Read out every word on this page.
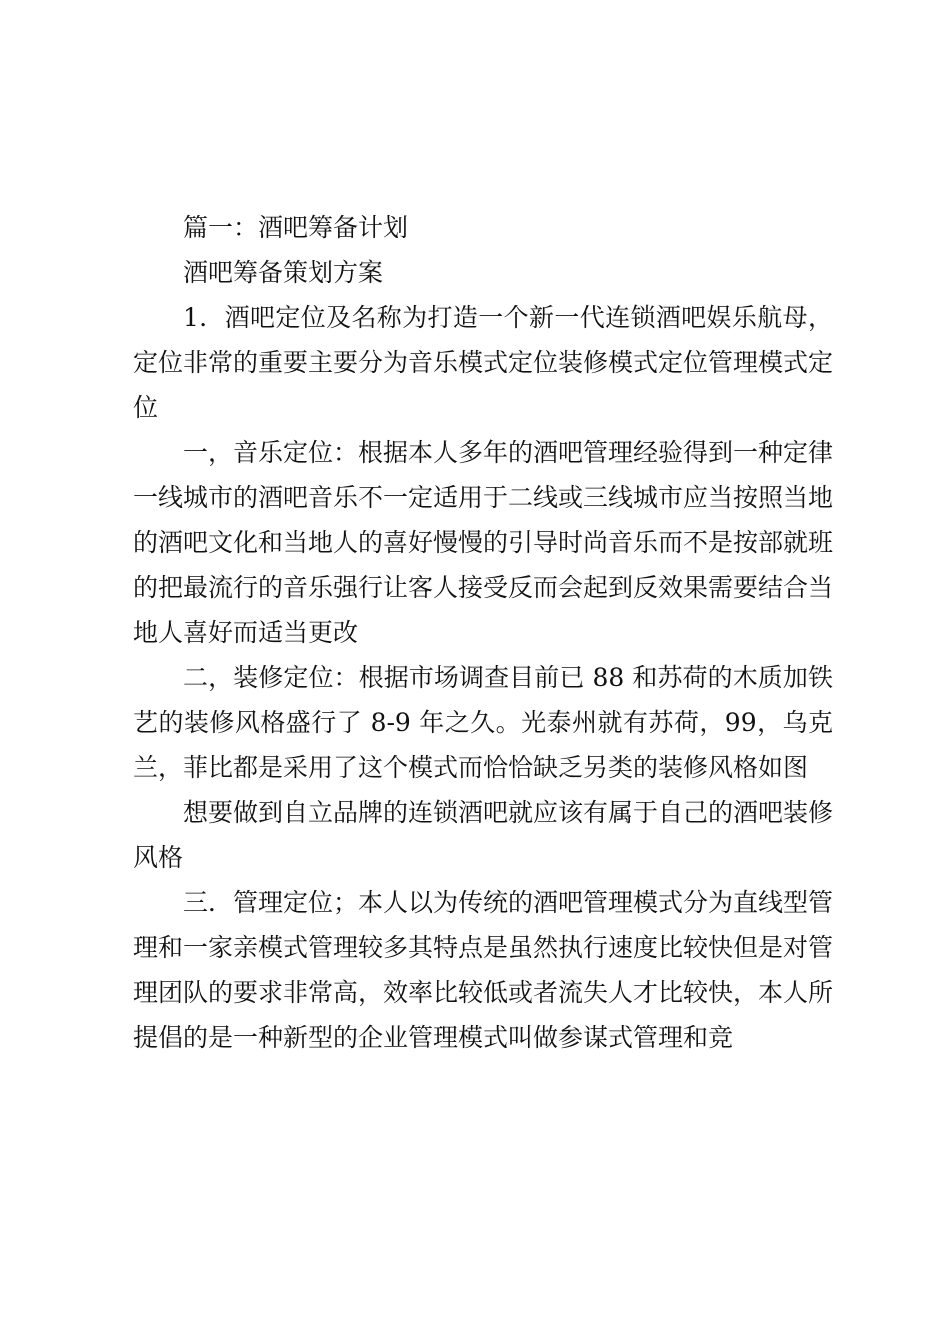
篇一：酒吧筹备计划

酒吧筹备策划方案

1．酒吧定位及名称为打造一个新一代连锁酒吧娱乐航母，定位非常的重要主要分为音乐模式定位装修模式定位管理模式定位

一，音乐定位：根据本人多年的酒吧管理经验得到一种定律一线城市的酒吧音乐不一定适用于二线或三线城市应当按照当地的酒吧文化和当地人的喜好慢慢的引导时尚音乐而不是按部就班的把最流行的音乐强行让客人接受反而会起到反效果需要结合当地人喜好而适当更改

二，装修定位：根据市场调查目前已 88 和苏荷的木质加铁艺的装修风格盛行了 8-9 年之久。光泰州就有苏荷，99，乌克兰，菲比都是采用了这个模式而恰恰缺乏另类的装修风格如图

想要做到自立品牌的连锁酒吧就应该有属于自己的酒吧装修风格

三．管理定位；本人以为传统的酒吧管理模式分为直线型管理和一家亲模式管理较多其特点是虽然执行速度比较快但是对管理团队的要求非常高，效率比较低或者流失人才比较快，本人所提倡的是一种新型的企业管理模式叫做参谋式管理和竞
